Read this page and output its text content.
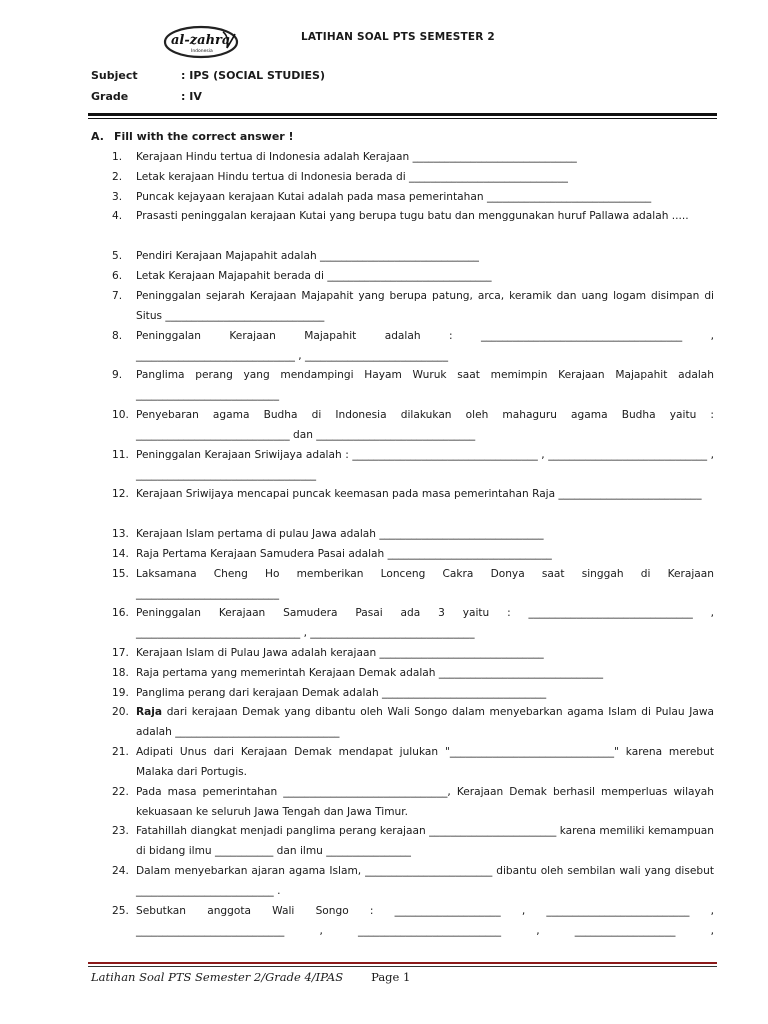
al-zahra
Indonesia
LATIHAN SOAL PTS SEMESTER 2
Subject	: IPS (SOCIAL STUDIES)
Grade	: IV
A. Fill with the correct answer !
1. Kerajaan Hindu tertua di Indonesia adalah Kerajaan _______________________________
2. Letak kerajaan Hindu tertua di Indonesia berada di ______________________________
3. Puncak kejayaan kerajaan Kutai adalah pada masa pemerintahan _______________________________
4. Prasasti peninggalan kerajaan Kutai yang berupa tugu batu dan menggunakan huruf Pallawa adalah .....
5. Pendiri Kerajaan Majapahit adalah ______________________________
6. Letak Kerajaan Majapahit berada di _______________________________
7. Peninggalan sejarah Kerajaan Majapahit yang berupa patung, arca, keramik dan uang logam disimpan di Situs ______________________________
8. Peninggalan Kerajaan Majapahit adalah : ______________________________________ , ______________________________ , ___________________________
9. Panglima perang yang mendampingi Hayam Wuruk saat memimpin Kerajaan Majapahit adalah ___________________________
10. Penyebaran agama Budha di Indonesia dilakukan oleh mahaguru agama Budha yaitu : _____________________________ dan ______________________________
11. Peninggalan Kerajaan Sriwijaya adalah : ___________________________________ , ______________________________ , __________________________________
12. Kerajaan Sriwijaya mencapai puncak keemasan pada masa pemerintahan Raja ___________________________
13. Kerajaan Islam pertama di pulau Jawa adalah _______________________________
14. Raja Pertama Kerajaan Samudera Pasai adalah _______________________________
15. Laksamana Cheng Ho memberikan Lonceng Cakra Donya saat singgah di Kerajaan ___________________________
16. Peninggalan Kerajaan Samudera Pasai ada 3 yaitu : _______________________________ , _______________________________ , _______________________________
17. Kerajaan Islam di Pulau Jawa adalah kerajaan _______________________________
18. Raja pertama yang memerintah Kerajaan Demak adalah _______________________________
19. Panglima perang dari kerajaan Demak adalah _______________________________
20. Raja dari kerajaan Demak yang dibantu oleh Wali Songo dalam menyebarkan agama Islam di Pulau Jawa adalah _______________________________
21. Adipati Unus dari Kerajaan Demak mendapat julukan "_______________________________" karena merebut Malaka dari Portugis.
22. Pada masa pemerintahan _______________________________, Kerajaan Demak berhasil memperluas wilayah kekuasaan ke seluruh Jawa Tengah dan Jawa Timur.
23. Fatahillah diangkat menjadi panglima perang kerajaan ________________________ karena memiliki kemampuan di bidang ilmu ___________ dan ilmu ________________
24. Dalam menyebarkan ajaran agama Islam, ________________________ dibantu oleh sembilan wali yang disebut __________________________ .
25. Sebutkan anggota Wali Songo : ____________________ , ___________________________ , ____________________________ , ___________________________ , ___________________ ,
Latihan Soal PTS Semester 2/Grade 4/IPAS Page 1
